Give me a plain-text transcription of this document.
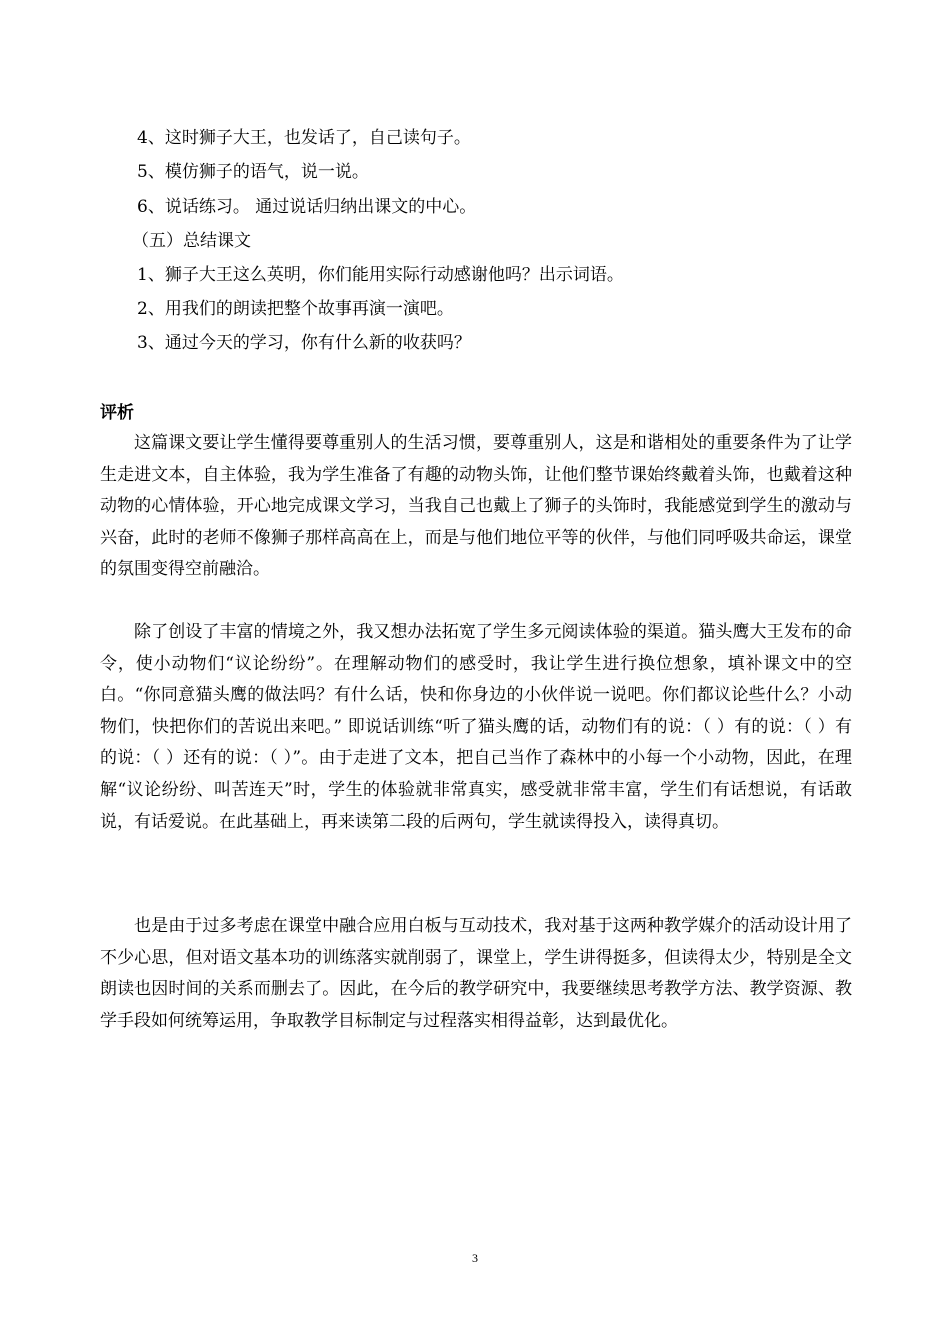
4、这时狮子大王，也发话了，自己读句子。
5、模仿狮子的语气，说一说。
6、说话练习。 通过说话归纳出课文的中心。
（五）总结课文
1、狮子大王这么英明，你们能用实际行动感谢他吗？出示词语。
2、用我们的朗读把整个故事再演一演吧。
3、通过今天的学习，你有什么新的收获吗？
评析
这篇课文要让学生懂得要尊重别人的生活习惯，要尊重别人，这是和谐相处的重要条件为了让学生走进文本，自主体验，我为学生准备了有趣的动物头饰，让他们整节课始终戴着头饰，也戴着这种动物的心情体验，开心地完成课文学习，当我自己也戴上了狮子的头饰时，我能感觉到学生的激动与兴奋，此时的老师不像狮子那样高高在上，而是与他们地位平等的伙伴，与他们同呼吸共命运，课堂的氛围变得空前融洽。
除了创设了丰富的情境之外，我又想办法拓宽了学生多元阅读体验的渠道。猫头鹰大王发布的命令，使小动物们“议论纷纷”。在理解动物们的感受时，我让学生进行换位想象，填补课文中的空白。“你同意猫头鹰的做法吗？有什么话，快和你身边的小伙伴说一说吧。你们都议论些什么？小动物们，快把你们的苦说出来吧。” 即说话训练“听了猫头鹰的话，动物们有的说：（ ）有的说：（ ）有的说：（ ）还有的说：（ ）”。由于走进了文本，把自己当作了森林中的小每一个小动物，因此，在理解“议论纷纷、叫苦连天”时，学生的体验就非常真实，感受就非常丰富，学生们有话想说，有话敢说，有话爱说。在此基础上，再来读第二段的后两句，学生就读得投入，读得真切。
也是由于过多考虑在课堂中融合应用白板与互动技术，我对基于这两种教学媒介的活动设计用了不少心思，但对语文基本功的训练落实就削弱了，课堂上，学生讲得挺多，但读得太少，特别是全文朗读也因时间的关系而删去了。因此，在今后的教学研究中，我要继续思考教学方法、教学资源、教学手段如何统筹运用，争取教学目标制定与过程落实相得益彰，达到最优化。
3
